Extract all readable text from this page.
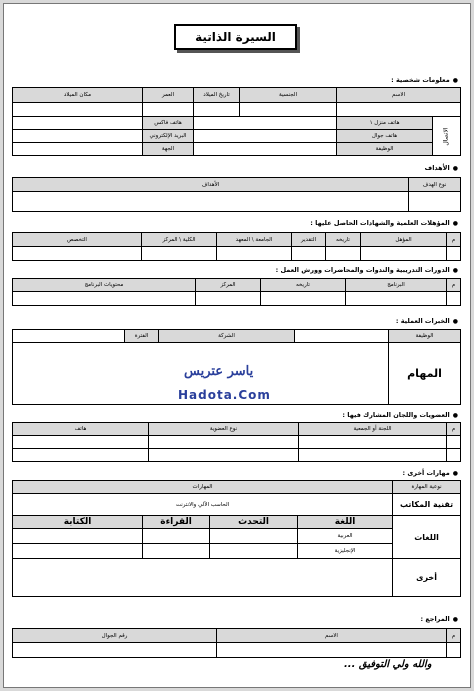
السيرة الذاتية
●
معلومات شخصية :
الاسم		الجنسية	تاريخ الميلاد	العمر	مكان الميلاد

الاتصال	هاتف منزل ١			هاتف فاكس	
	هاتف جوال			البريد الإلكتروني	
	الوظيفة			الجهة	
●
الأهداف
نوع الهدف	الأهداف

●
المؤهلات العلمية والشهادات الحاصل عليها :
م	المؤهل	تاريخه	التقدير	الجامعة \ المعهد	الكلية \ المركز	التخصص

●
الدورات التدريبية والندوات والمحاضرات وورش العمل :
م	البرنامج	تاريخه	المركز	محتويات البرنامج

●
الخبرات العملية :
الوظيفة		الشركة	الفترة	
المهام				
ياسر عتريس
Hadota.Com
●
العضويات واللجان المشارك فيها :
م	اللجنة أو الجمعية	نوع العضوية	هاتف

●
مهارات أخرى :
نوعية المهارة	المهارات			
تقنية المكاتب	الحاسب الآلي والانترنت			
اللغات	اللغة	التحدث	القراءة	الكتابة
	العربية			
	الإنجليزية			
أخرى				
●
المراجع :
م	الاسم	رقم الجوال

والله ولي التوفيق ...
